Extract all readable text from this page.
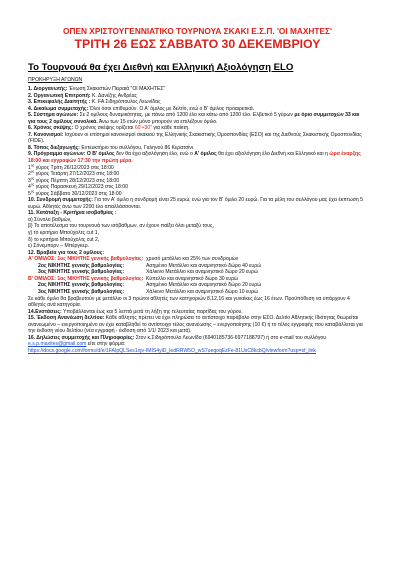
ΟΠΕΝ ΧΡΙΣΤΟΥΓΕΝΝΙΑΤΙΚΟ ΤΟΥΡΝΟΥΑ ΣΚΑΚΙ Ε.Σ.Π. 'ΟΙ ΜΑΧΗΤΕΣ'
ΤΡΙΤΗ 26 ΕΩΣ ΣΑΒΒΑΤΟ 30 ΔΕΚΕΜΒΡΙΟΥ
Το Τουρνουά θα έχει Διεθνή και Ελληνική Αξιολόγηση ELO
ΠΡΟΚΗΡΥΞΗ ΑΓΩΝΩΝ
1. Διοργανωτής: Ένωση Σκακιστών Πειραιά "ΟΙ ΜΑΧΗΤΕΣ"
2. Οργανωτική Επιτροπή: Κ. Δανέζης Ανδρέας
3. Επικεφαλής Διαιτητής : Κ. FA Σιδηρόπουλος Λεωνίδας
4. Δικαίωμα συμμετοχής: Όλοι όσοι επιθυμούν. Ο Α' όμιλος με δελτίο, ενώ ο Β' όμιλος προαιρετικά.
5. Σύστημα αγώνων: Σε 2 ομίλους δυναμικότητας, με πάνω από 1200 έλο και κάτω από 1200 έλο. Ελβετικό 5 γύρων με όριο συμμετοχών 33 και για τους 2 ομίλους συνολικά. Άνω των 15 ετών μόνο μπορούν να επιλέξουν όμιλο.
6. Χρόνος σκέψης: Ο χρόνος σκέψης ορίζεται 60'+30" για κάθε παίκτη.
7. Κανονισμοί: Ισχύουν οι επίσημοι κανονισμοί σκακιού της Ελληνικής Σκακιστικής Ομοσπονδίας (ΕΣΟ) και της Διεθνούς Σκακιστικής Ομοσπονδίας (FIDE).
8. Τόπος διεξαγωγής: Εντευκτήριο του συλλόγου, Γαληνού 86 Κερατσίνι.
9. Πρόγραμμα αγώνων: Ο Β' όμιλος δεν θα έχει αξιολόγηση έλο, ενώ ο Α' όμιλος θα έχει αξιολόγηση έλο Διεθνή και Ελληνικό και η ώρα έναρξης 18:00 και εγγραφών 17:30 την πρώτη μέρα.
$1^{o\varsigma}$ γύρος Τρίτη 26/12/2023 στις 18:00
$2^{o\varsigma}$ γύρος Τετάρτη 27/12/2023 στις 18:00
$3^{o\varsigma}$ γύρος Πέμπτη 28/12/2023 στις 18:00
$4^{o\varsigma}$ γύρος Παρασκευή 29/12/2023 στις 18:00
$5^{o\varsigma}$ γύρος Σάββατο 30/12/2023 στις 18:00
10. Συνδρομή συμμετοχής: Για τον Α' όμιλο η συνδρομή είναι 25 ευρώ, ενώ για τον Β' όμιλο 20 ευρώ. Για τα μέλη του συλλόγου μας έχει έκπτωση 5 ευρώ. Αθλητές άνω των 2200 έλο απαλλάσσονται.
11. Κατάταξη - Κριτήρια ισοβαθμίας :
α) Σύνολο βαθμών,
β) Το αποτέλεσμα του τουρνουά των ισόβαθμων, αν έχουν παίξει όλοι μεταξύ τους,
γ) το κριτήριο Μπούχολτς cut 1,
δ) το κριτήριο Μπούχολτς cut 2,
ε) Σόνεμπορν – Μπέργκερ.
12. Βραβεία για τους 2 ομίλους:
Α' ΟΜΙΛΟΣ: 1ος ΝΙΚΗΤΗΣ γενικής βαθμολογίας: χρυσό μετάλλιο και 25% των συνδρομών
2ος ΝΙΚΗΤΗΣ γενικής βαθμολογίας:	Ασημένιο Μετάλλιο και αναμνηστικό δώρο 40 ευρώ
3ος ΝΙΚΗΤΗΣ γενικής βαθμολογίας:	Χάλκινο Μετάλλιο και αναμνηστικό δώρο 20 ευρώ
Β' ΟΜΙΛΟΣ: 1ος ΝΙΚΗΤΗΣ γενικής βαθμολογίας: Κύπελλο και αναμνηστικό δώρο 30 ευρώ
2ος ΝΙΚΗΤΗΣ γενικής βαθμολογίας:	Ασημένιο Μετάλλιο και αναμνηστικό δώρο 20 ευρώ
3ος ΝΙΚΗΤΗΣ γενικής βαθμολογίας:	Χάλκινο Μετάλλιο και αναμνηστικό δώρο 10 ευρώ
Σε κάθε όμιλο θα βραβευτούν με μετάλλιο οι 3 πρώτοι αθλητές των κατηγοριών 8,12,16 και γυναίκες έως 16 έτων. Προϋπόθεση να υπάρχουν 4 αθλητές ανά κατηγορία.
14.Ενστάσεις: Υποβάλλονται έως και 5 λεπτά μετά τη λήξη της τελευταίας παρτίδας του γύρου.
15. Έκδοση Ανανέωση δελτίου: Κάθε αθλητής πρέπει να έχει πληρώσει το αντίστοιχο παράβολο στην ΕΣΟ. Δελτίο Αθλητικής Ιδιότητας θεωρείται ανανεωμένο – ενεργοποιημένο αν έχει καταβληθεί το αντίστοιχο τέλος ανανέωσης – ενεργοποίησης (10 €) ή το τέλος εγγραφής που καταβάλλεται για την έκδοση νέου δελτίου (νέα εγγραφή - έκδοση από 1/1/ 2023 και μετά).
16. Δηλώσεις συμμετοχής και Πληροφορίες: Στον κ.Σιδηρόπουλο Λεωνίδα (6940185736-6977188797) ή στο e-mail του συλλόγου e.s.p.maxites@gmail.com είτε στην φόρμα:
https://docs.google.com/forms/d/e/1FAIpQLSes1ojv-IMIS4yiD_ledRRW5O_wS7ueqoqEzFe-81UsC8kcbQ/viewform?usp=sf_link
